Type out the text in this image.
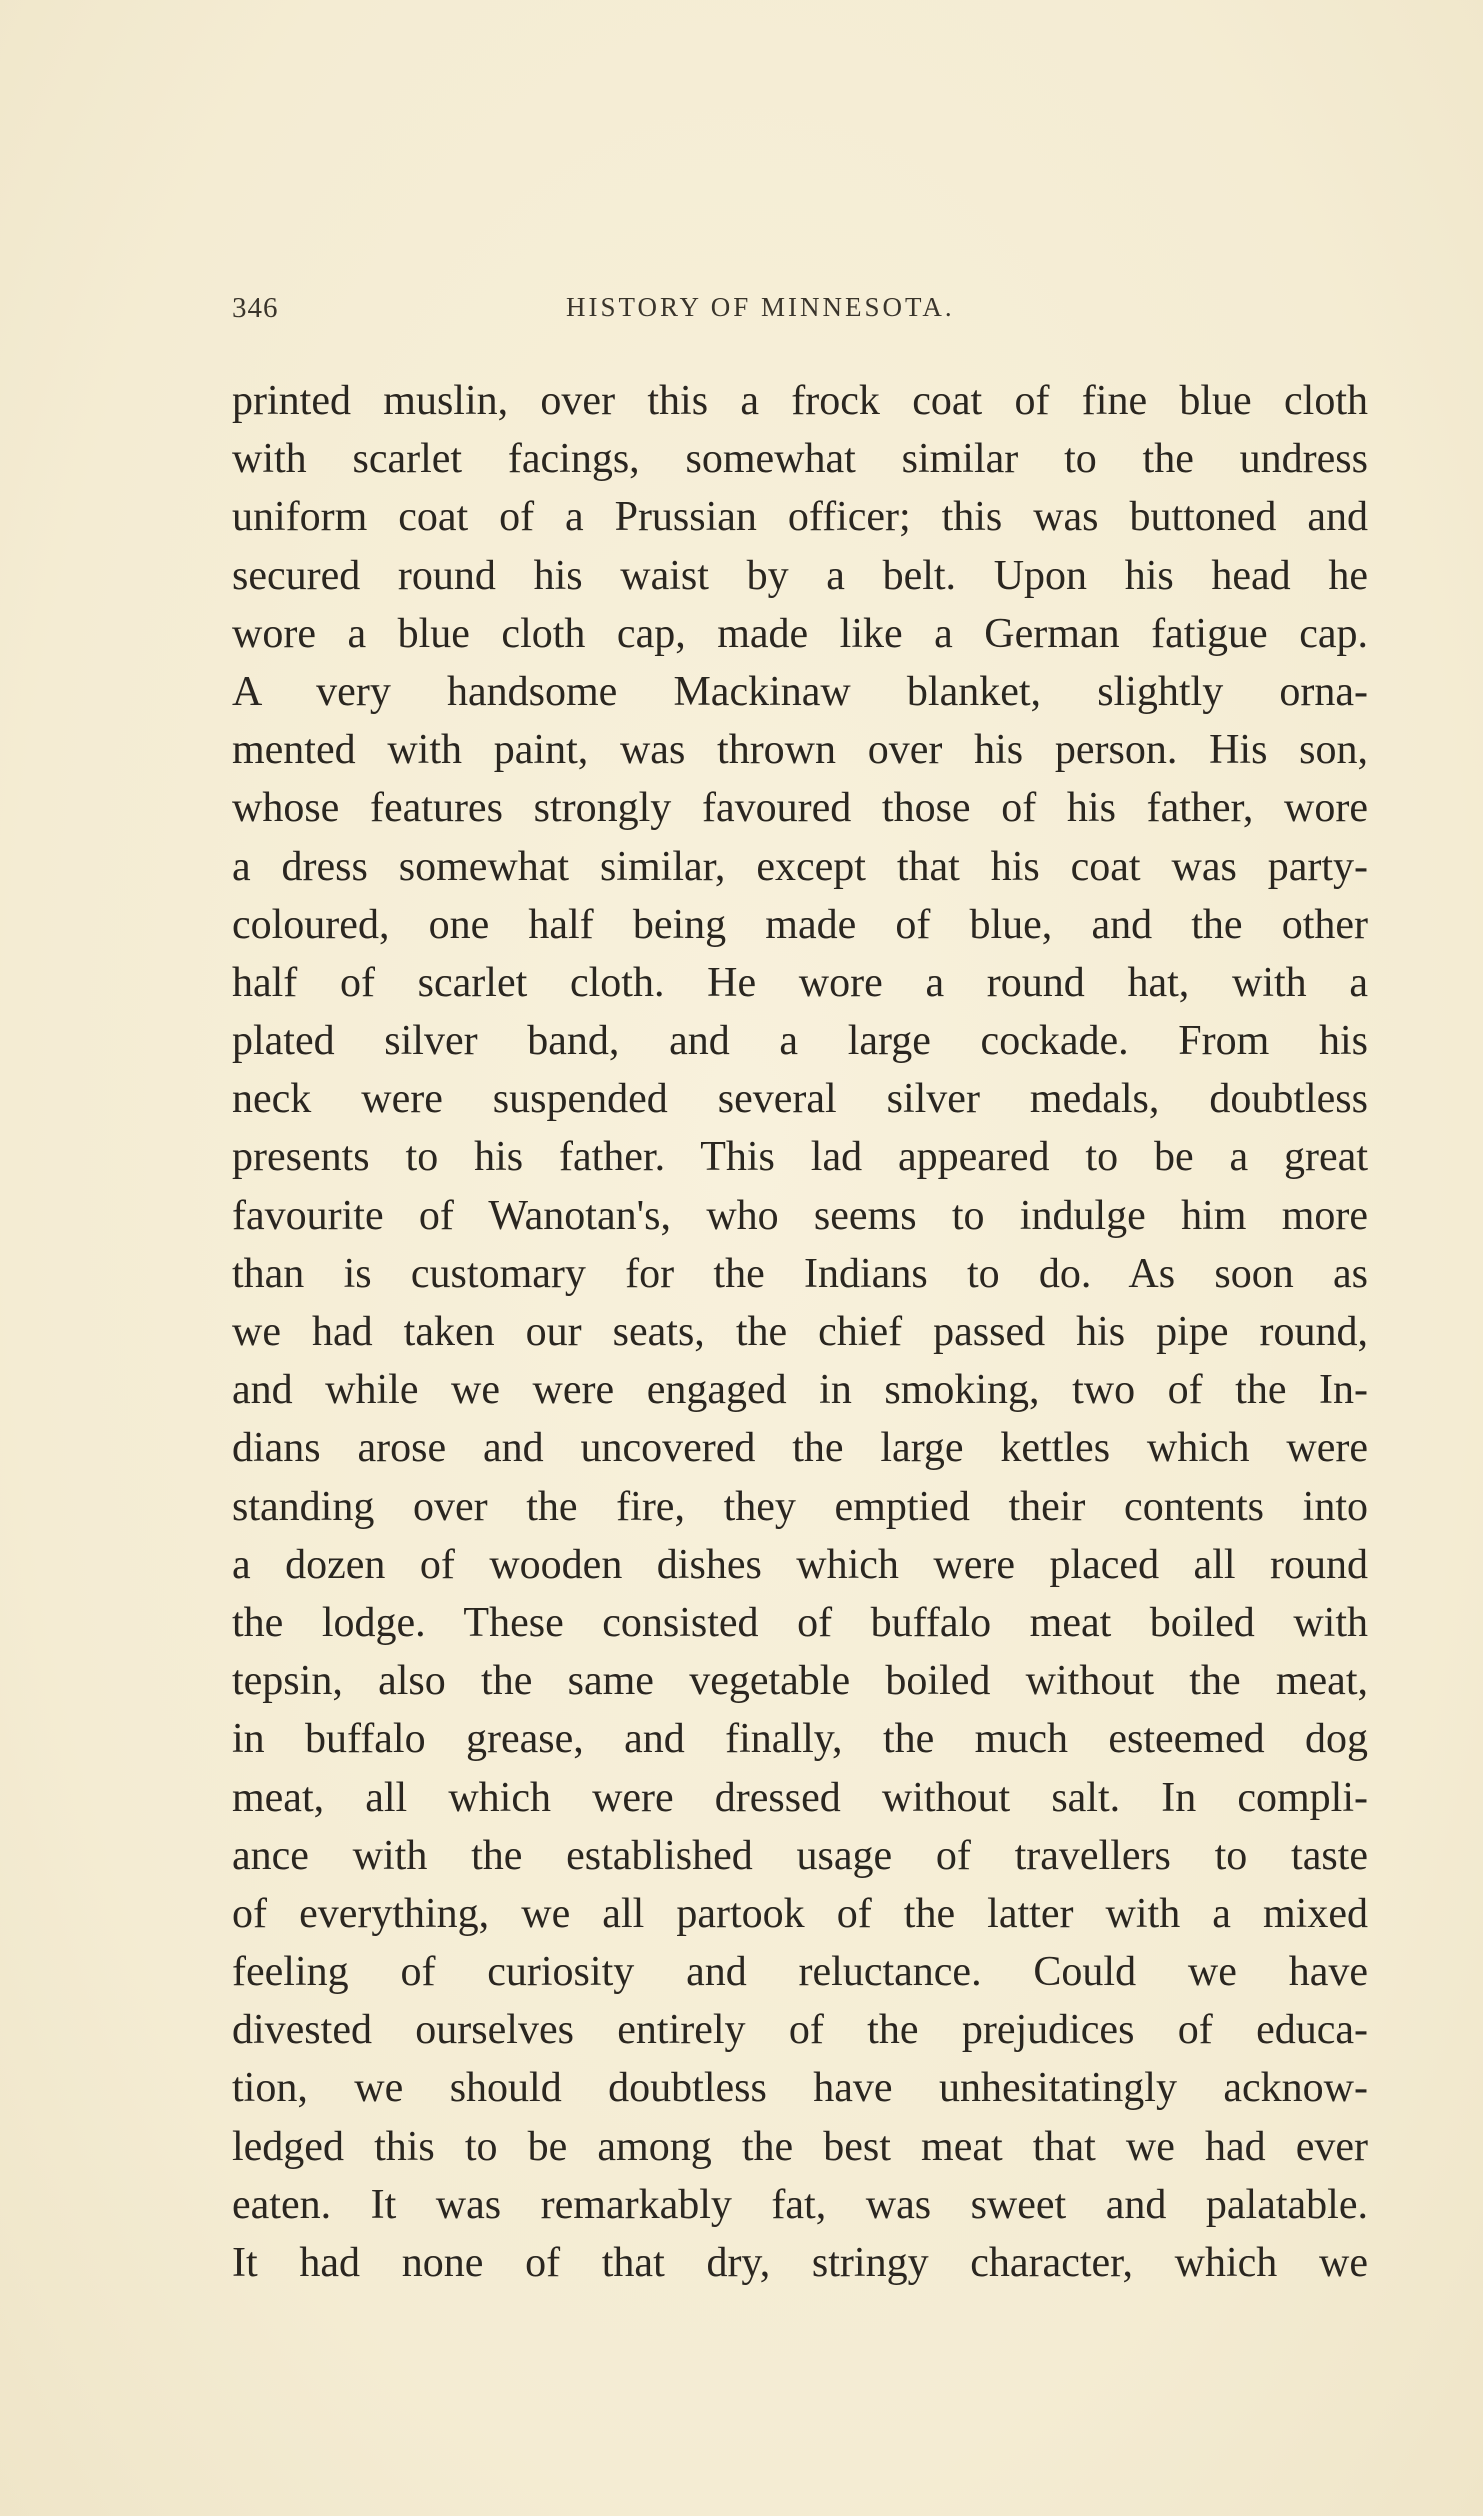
346	HISTORY OF MINNESOTA.
printed muslin, over this a frock coat of fine blue cloth
with scarlet facings, somewhat similar to the undress
uniform coat of a Prussian officer; this was buttoned and
secured round his waist by a belt. Upon his head he
wore a blue cloth cap, made like a German fatigue cap.
A very handsome Mackinaw blanket, slightly orna-
mented with paint, was thrown over his person. His son,
whose features strongly favoured those of his father, wore
a dress somewhat similar, except that his coat was party-
coloured, one half being made of blue, and the other
half of scarlet cloth. He wore a round hat, with a
plated silver band, and a large cockade. From his
neck were suspended several silver medals, doubtless
presents to his father. This lad appeared to be a great
favourite of Wanotan's, who seems to indulge him more
than is customary for the Indians to do. As soon as
we had taken our seats, the chief passed his pipe round,
and while we were engaged in smoking, two of the In-
dians arose and uncovered the large kettles which were
standing over the fire, they emptied their contents into
a dozen of wooden dishes which were placed all round
the lodge. These consisted of buffalo meat boiled with
tepsin, also the same vegetable boiled without the meat,
in buffalo grease, and finally, the much esteemed dog
meat, all which were dressed without salt. In compli-
ance with the established usage of travellers to taste
of everything, we all partook of the latter with a mixed
feeling of curiosity and reluctance. Could we have
divested ourselves entirely of the prejudices of educa-
tion, we should doubtless have unhesitatingly acknow-
ledged this to be among the best meat that we had ever
eaten. It was remarkably fat, was sweet and palatable.
It had none of that dry, stringy character, which we
